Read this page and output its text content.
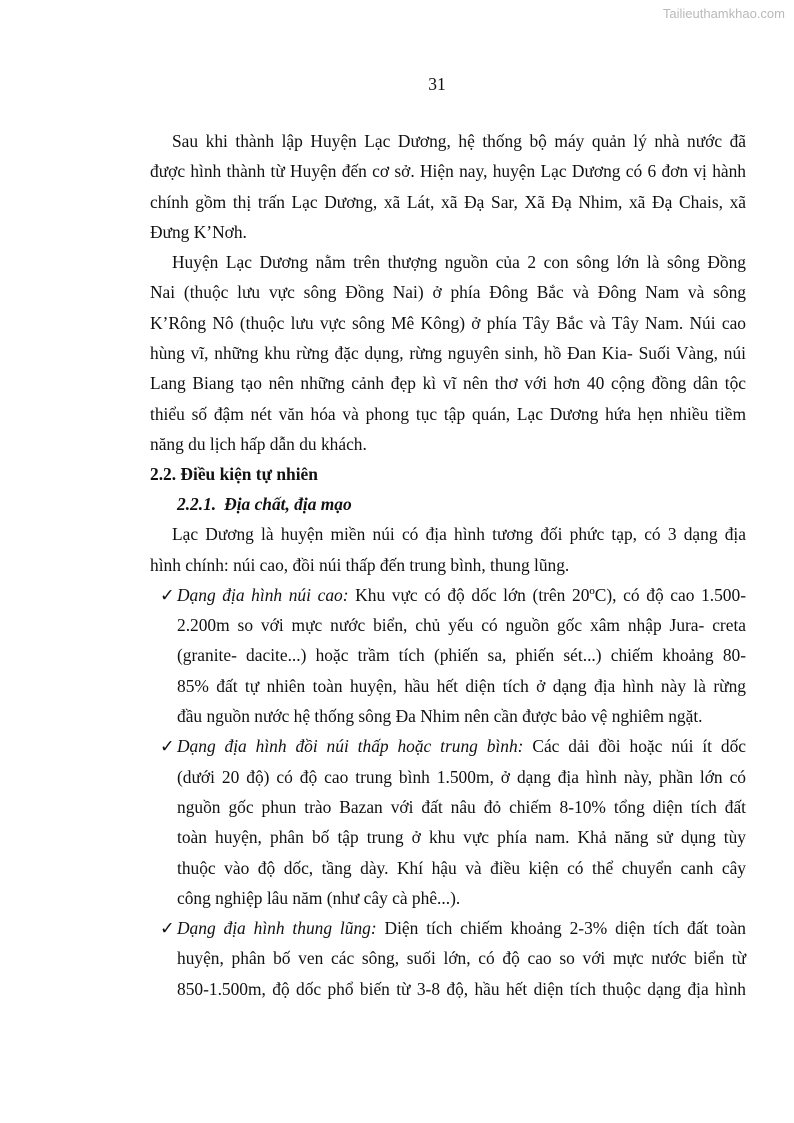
Tailieuthamkhao.com
31
Sau khi thành lập Huyện Lạc Dương, hệ thống bộ máy quản lý nhà nước đã
được hình thành từ Huyện đến cơ sở. Hiện nay, huyện Lạc Dương có 6 đơn vị hành
chính gồm thị trấn Lạc Dương, xã Lát, xã Đạ Sar, Xã Đạ Nhim, xã Đạ Chais, xã
Đưng K’Nơh.
Huyện Lạc Dương nằm trên thượng nguồn của 2 con sông lớn là sông Đồng
Nai (thuộc lưu vực sông Đồng Nai) ở phía Đông Bắc và Đông Nam và sông
K’Rông Nô (thuộc lưu vực sông Mê Kông) ở phía Tây Bắc và Tây Nam. Núi cao
hùng vĩ, những khu rừng đặc dụng, rừng nguyên sinh, hồ Đan Kia- Suối Vàng, núi
Lang Biang tạo nên những cảnh đẹp kì vĩ nên thơ với hơn 40 cộng đồng dân tộc
thiểu số đậm nét văn hóa và phong tục tập quán, Lạc Dương hứa hẹn nhiều tiềm
năng du lịch hấp dẫn du khách.
2.2. Điều kiện tự nhiên
2.2.1. Địa chất, địa mạo
Lạc Dương là huyện miền núi có địa hình tương đối phức tạp, có 3 dạng địa
hình chính: núi cao, đồi núi thấp đến trung bình, thung lũng.
✓ Dạng địa hình núi cao: Khu vực có độ dốc lớn (trên 20ºC), có độ cao 1.500-
2.200m so với mực nước biển, chủ yếu có nguồn gốc xâm nhập Jura- creta
(granite- dacite...) hoặc trầm tích (phiến sa, phiến sét...) chiếm khoảng 80-
85% đất tự nhiên toàn huyện, hầu hết diện tích ở dạng địa hình này là rừng
đầu nguồn nước hệ thống sông Đa Nhim nên cần được bảo vệ nghiêm ngặt.
✓ Dạng địa hình đồi núi thấp hoặc trung bình: Các dải đồi hoặc núi ít dốc
(dưới 20 độ) có độ cao trung bình 1.500m, ở dạng địa hình này, phần lớn có
nguồn gốc phun trào Bazan với đất nâu đỏ chiếm 8-10% tổng diện tích đất
toàn huyện, phân bố tập trung ở khu vực phía nam. Khả năng sử dụng tùy
thuộc vào độ dốc, tầng dày. Khí hậu và điều kiện có thể chuyển canh cây
công nghiệp lâu năm (như cây cà phê...).
✓ Dạng địa hình thung lũng: Diện tích chiếm khoảng 2-3% diện tích đất toàn
huyện, phân bố ven các sông, suối lớn, có độ cao so với mực nước biển từ
850-1.500m, độ dốc phổ biến từ 3-8 độ, hầu hết diện tích thuộc dạng địa hình
